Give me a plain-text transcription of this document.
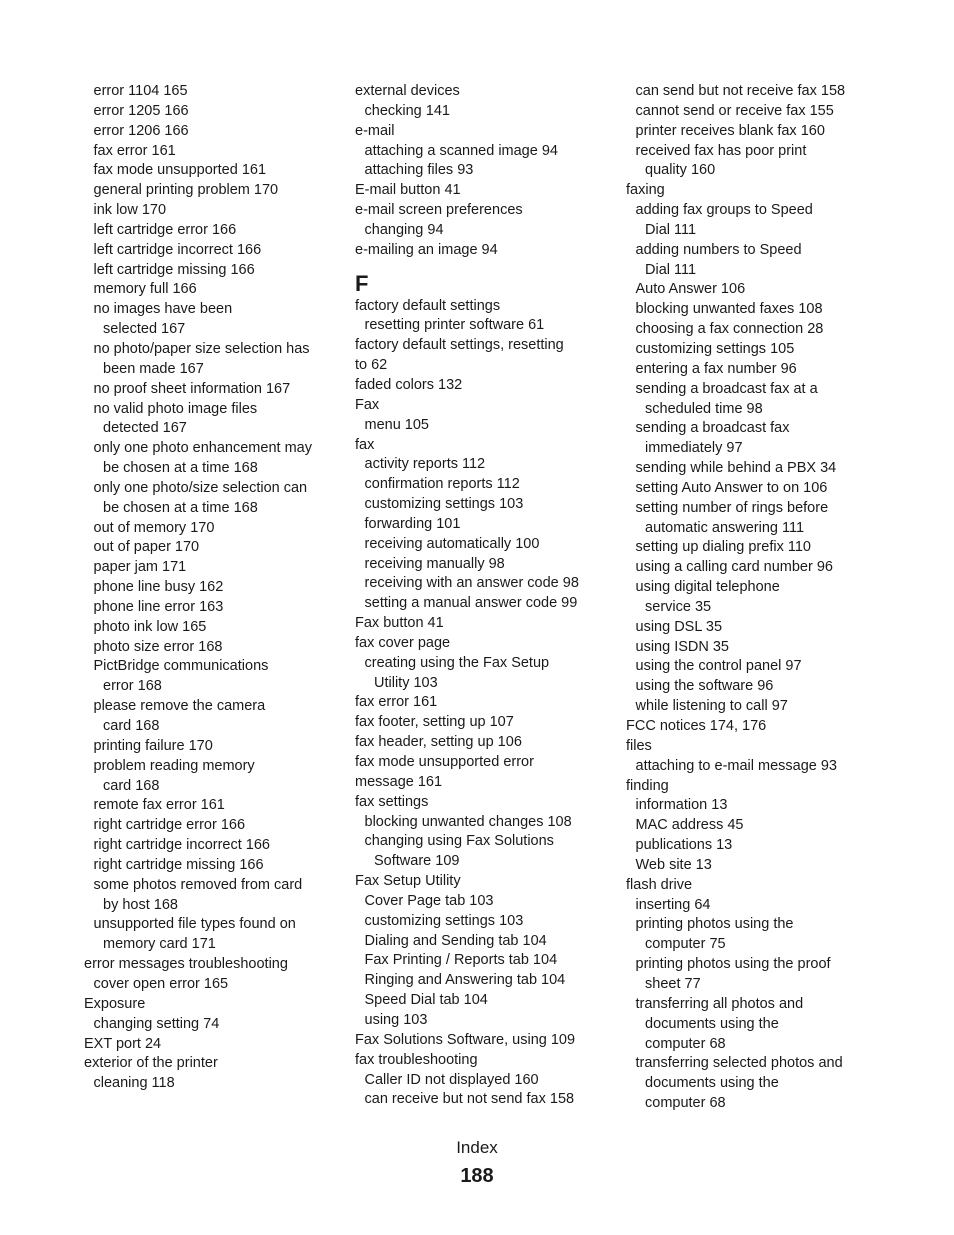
error 1104 165
error 1205 166
error 1206 166
fax error 161
fax mode unsupported 161
general printing problem 170
ink low 170
left cartridge error 166
left cartridge incorrect 166
left cartridge missing 166
memory full 166
no images have been
selected 167
no photo/paper size selection has
been made 167
no proof sheet information 167
no valid photo image files
detected 167
only one photo enhancement may
be chosen at a time 168
only one photo/size selection can
be chosen at a time 168
out of memory 170
out of paper 170
paper jam 171
phone line busy 162
phone line error 163
photo ink low 165
photo size error 168
PictBridge communications
error 168
please remove the camera
card 168
printing failure 170
problem reading memory
card 168
remote fax error 161
right cartridge error 166
right cartridge incorrect 166
right cartridge missing 166
some photos removed from card
by host 168
unsupported file types found on
memory card 171
error messages troubleshooting
cover open error 165
Exposure
changing setting 74
EXT port 24
exterior of the printer
cleaning 118
external devices
checking 141
e-mail
attaching a scanned image 94
attaching files 93
E-mail button 41
e-mail screen preferences
changing 94
e-mailing an image 94
F
factory default settings
resetting printer software 61
factory default settings, resetting
to 62
faded colors 132
Fax
menu 105
fax
activity reports 112
confirmation reports 112
customizing settings 103
forwarding 101
receiving automatically 100
receiving manually 98
receiving with an answer code 98
setting a manual answer code 99
Fax button 41
fax cover page
creating using the Fax Setup
Utility 103
fax error 161
fax footer, setting up 107
fax header, setting up 106
fax mode unsupported error
message 161
fax settings
blocking unwanted changes 108
changing using Fax Solutions
Software 109
Fax Setup Utility
Cover Page tab 103
customizing settings 103
Dialing and Sending tab 104
Fax Printing / Reports tab 104
Ringing and Answering tab 104
Speed Dial tab 104
using 103
Fax Solutions Software, using 109
fax troubleshooting
Caller ID not displayed 160
can receive but not send fax 158
can send but not receive fax 158
cannot send or receive fax 155
printer receives blank fax 160
received fax has poor print
quality 160
faxing
adding fax groups to Speed
Dial 111
adding numbers to Speed
Dial 111
Auto Answer 106
blocking unwanted faxes 108
choosing a fax connection 28
customizing settings 105
entering a fax number 96
sending a broadcast fax at a
scheduled time 98
sending a broadcast fax
immediately 97
sending while behind a PBX 34
setting Auto Answer to on 106
setting number of rings before
automatic answering 111
setting up dialing prefix 110
using a calling card number 96
using digital telephone
service 35
using DSL 35
using ISDN 35
using the control panel 97
using the software 96
while listening to call 97
FCC notices 174, 176
files
attaching to e-mail message 93
finding
information 13
MAC address 45
publications 13
Web site 13
flash drive
inserting 64
printing photos using the
computer 75
printing photos using the proof
sheet 77
transferring all photos and
documents using the
computer 68
transferring selected photos and
documents using the
computer 68
Index
188
